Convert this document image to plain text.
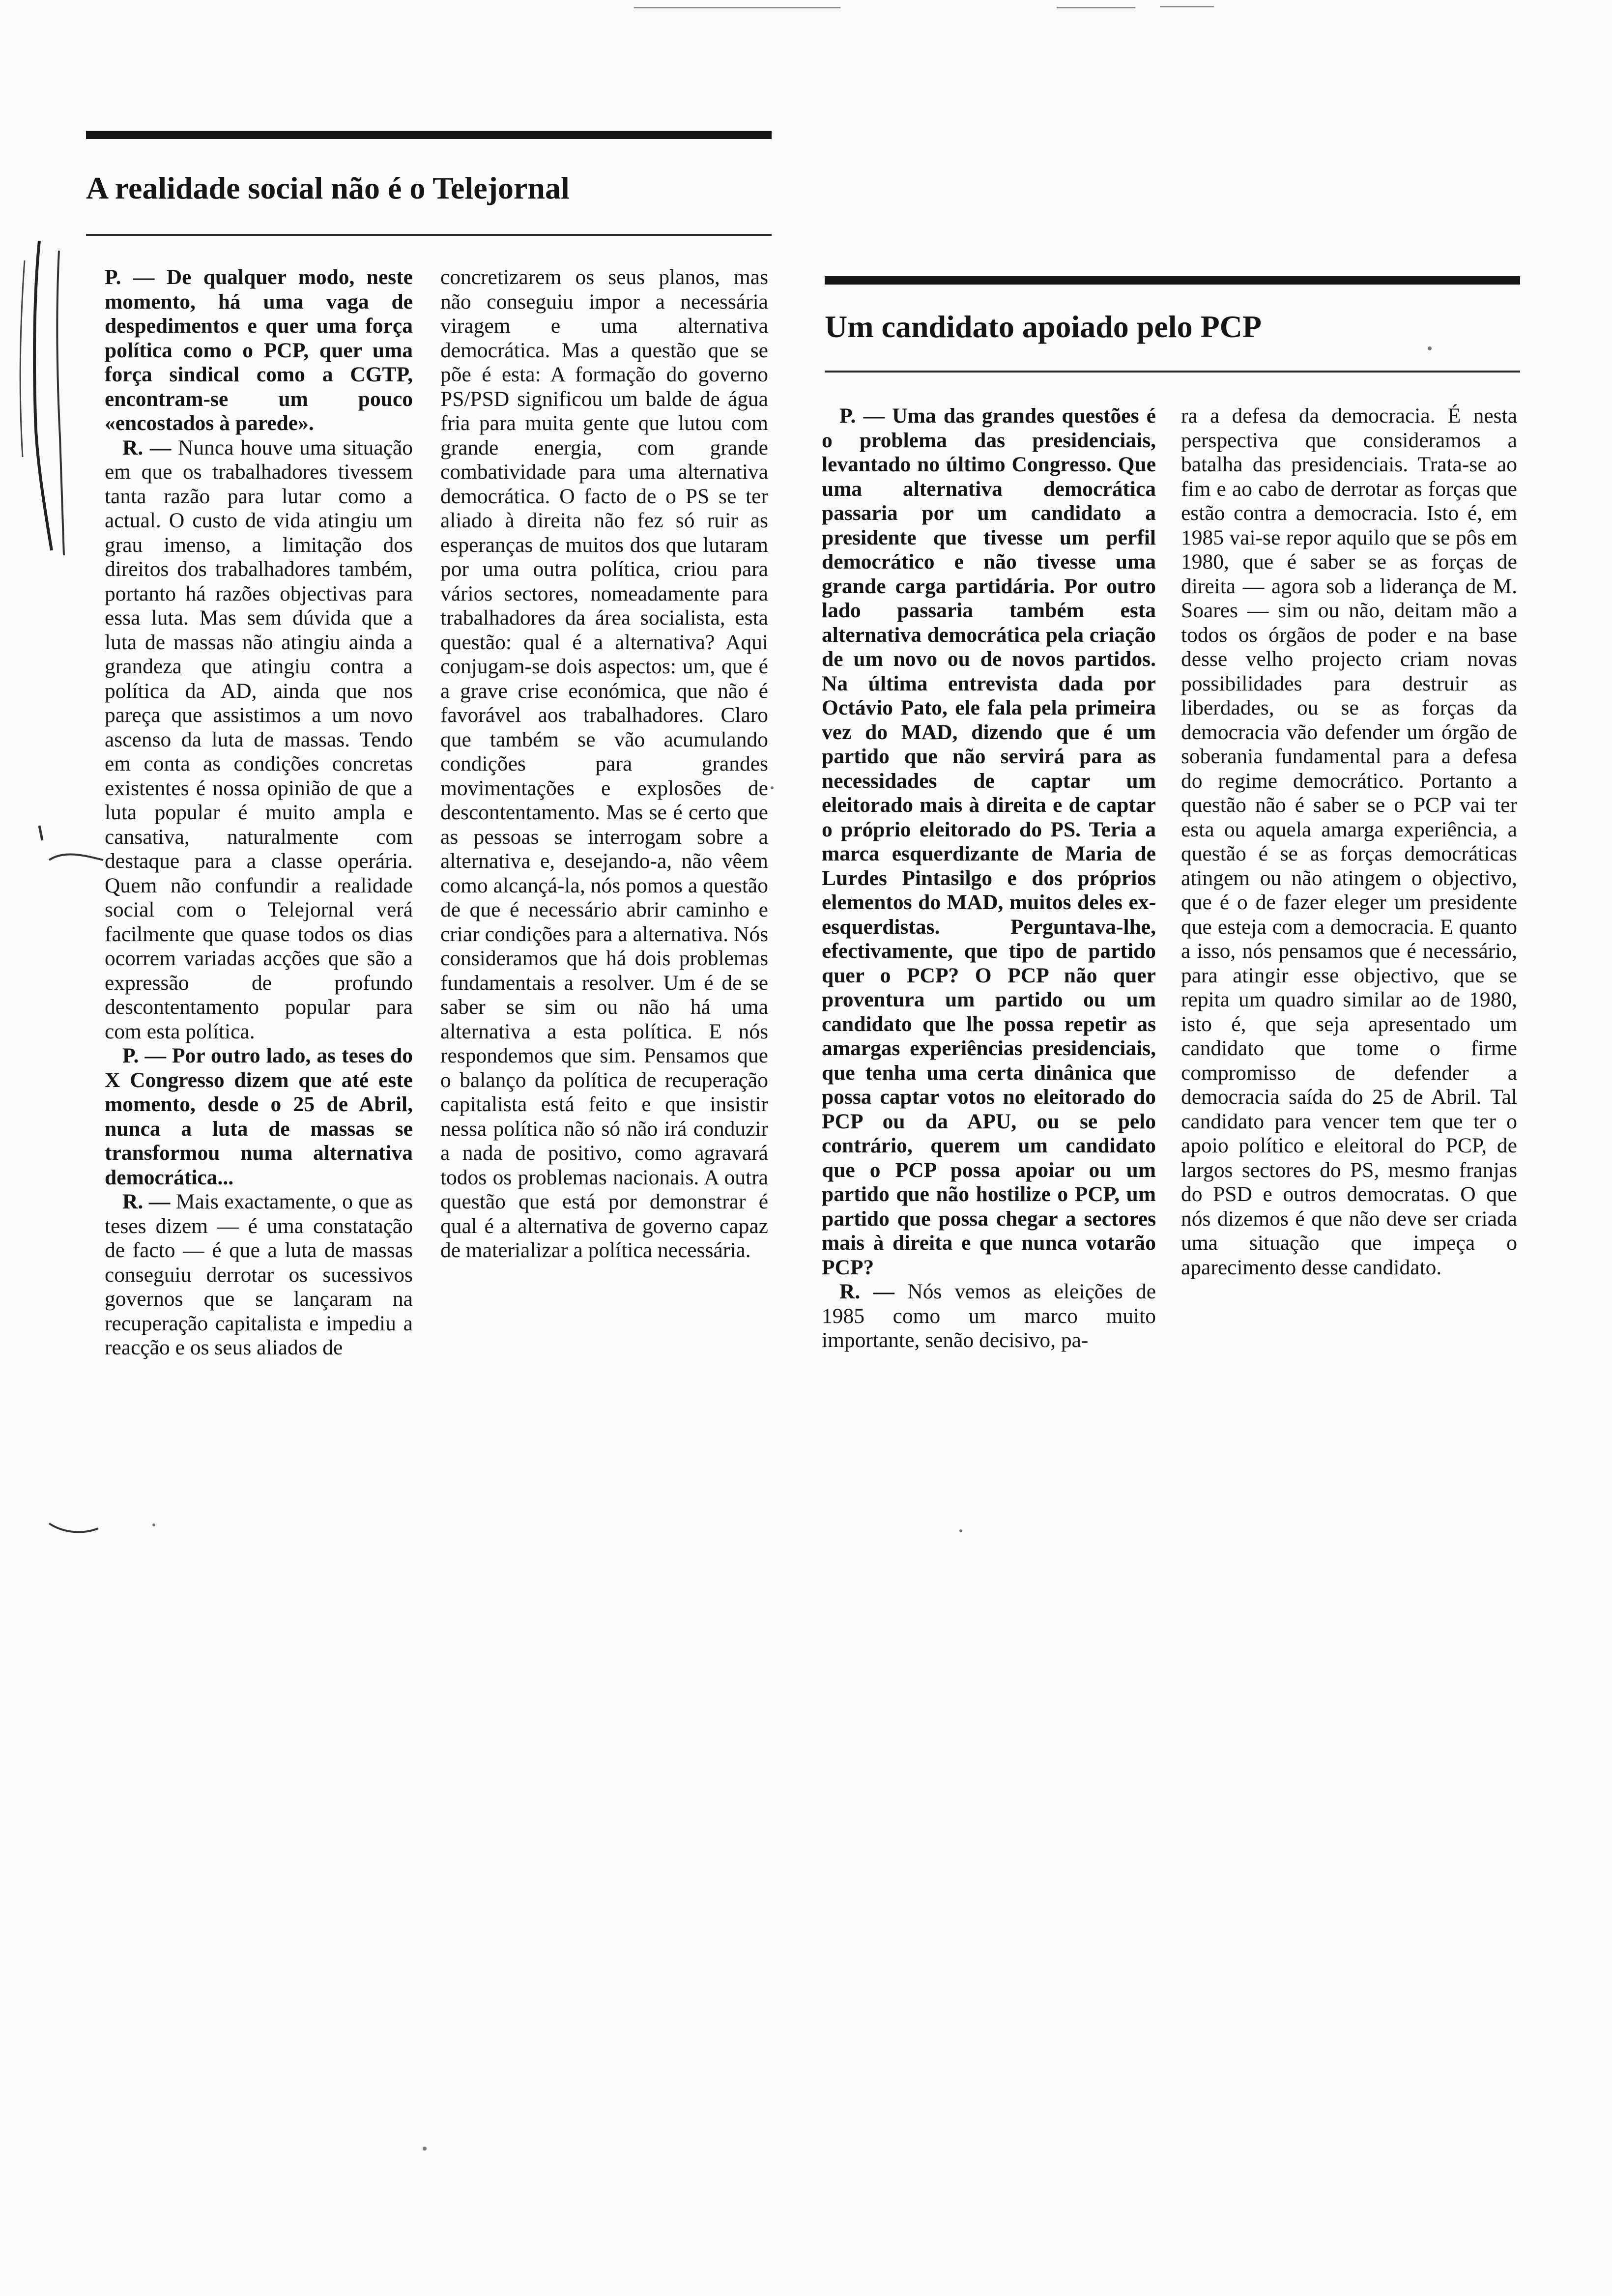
A realidade social não é o Telejornal

P. — De qualquer modo, neste momento, há uma vaga de despedimentos e quer uma força política como o PCP, quer uma força sindical como a CGTP, encontram-se um pouco «encostados à parede».

R. — Nunca houve uma situação em que os trabalhadores tivessem tanta razão para lutar como a actual. O custo de vida atingiu um grau imenso, a limitação dos direitos dos trabalhadores também, portanto há razões objectivas para essa luta. Mas sem dúvida que a luta de massas não atingiu ainda a grandeza que atingiu contra a política da AD, ainda que nos pareça que assistimos a um novo ascenso da luta de massas. Tendo em conta as condições concretas existentes é nossa opinião de que a luta popular é muito ampla e cansativa, naturalmente com destaque para a classe operária. Quem não confundir a realidade social com o Telejornal verá facilmente que quase todos os dias ocorrem variadas acções que são a expressão de profundo descontentamento popular para com esta política.

P. — Por outro lado, as teses do X Congresso dizem que até este momento, desde o 25 de Abril, nunca a luta de massas se transformou numa alternativa democrática...

R. — Mais exactamente, o que as teses dizem — é uma constatação de facto — é que a luta de massas conseguiu derrotar os sucessivos governos que se lançaram na recuperação capitalista e impediu a reacção e os seus aliados de

concretizarem os seus planos, mas não conseguiu impor a necessária viragem e uma alternativa democrática. Mas a questão que se põe é esta: A formação do governo PS/PSD significou um balde de água fria para muita gente que lutou com grande energia, com grande combatividade para uma alternativa democrática. O facto de o PS se ter aliado à direita não fez só ruir as esperanças de muitos dos que lutaram por uma outra política, criou para vários sectores, nomeadamente para trabalhadores da área socialista, esta questão: qual é a alternativa? Aqui conjugam-se dois aspectos: um, que é a grave crise económica, que não é favorável aos trabalhadores. Claro que também se vão acumulando condições para grandes movimentações e explosões de descontentamento. Mas se é certo que as pessoas se interrogam sobre a alternativa e, desejando-a, não vêem como alcançá-la, nós pomos a questão de que é necessário abrir caminho e criar condições para a alternativa. Nós consideramos que há dois problemas fundamentais a resolver. Um é de se saber se sim ou não há uma alternativa a esta política. E nós respondemos que sim. Pensamos que o balanço da política de recuperação capitalista está feito e que insistir nessa política não só não irá conduzir a nada de positivo, como agravará todos os problemas nacionais. A outra questão que está por demonstrar é qual é a alternativa de governo capaz de materializar a política necessária.

Um candidato apoiado pelo PCP

P. — Uma das grandes questões é o problema das presidenciais, levantado no último Congresso. Que uma alternativa democrática passaria por um candidato a presidente que tivesse um perfil democrático e não tivesse uma grande carga partidária. Por outro lado passaria também esta alternativa democrática pela criação de um novo ou de novos partidos. Na última entrevista dada por Octávio Pato, ele fala pela primeira vez do MAD, dizendo que é um partido que não servirá para as necessidades de captar um eleitorado mais à direita e de captar o próprio eleitorado do PS. Teria a marca esquerdizante de Maria de Lurdes Pintasilgo e dos próprios elementos do MAD, muitos deles ex-esquerdistas. Perguntava-lhe, efectivamente, que tipo de partido quer o PCP? O PCP não quer proventura um partido ou um candidato que lhe possa repetir as amargas experiências presidenciais, que tenha uma certa dinânica que possa captar votos no eleitorado do PCP ou da APU, ou se pelo contrário, querem um candidato que o PCP possa apoiar ou um partido que não hostilize o PCP, um partido que possa chegar a sectores mais à direita e que nunca votarão PCP?

R. — Nós vemos as eleições de 1985 como um marco muito importante, senão decisivo, pa-

ra a defesa da democracia. É nesta perspectiva que consideramos a batalha das presidenciais. Trata-se ao fim e ao cabo de derrotar as forças que estão contra a democracia. Isto é, em 1985 vai-se repor aquilo que se pôs em 1980, que é saber se as forças de direita — agora sob a liderança de M. Soares — sim ou não, deitam mão a todos os órgãos de poder e na base desse velho projecto criam novas possibilidades para destruir as liberdades, ou se as forças da democracia vão defender um órgão de soberania fundamental para a defesa do regime democrático. Portanto a questão não é saber se o PCP vai ter esta ou aquela amarga experiência, a questão é se as forças democráticas atingem ou não atingem o objectivo, que é o de fazer eleger um presidente que esteja com a democracia. E quanto a isso, nós pensamos que é necessário, para atingir esse objectivo, que se repita um quadro similar ao de 1980, isto é, que seja apresentado um candidato que tome o firme compromisso de defender a democracia saída do 25 de Abril. Tal candidato para vencer tem que ter o apoio político e eleitoral do PCP, de largos sectores do PS, mesmo franjas do PSD e outros democratas. O que nós dizemos é que não deve ser criada uma situação que impeça o aparecimento desse candidato.
